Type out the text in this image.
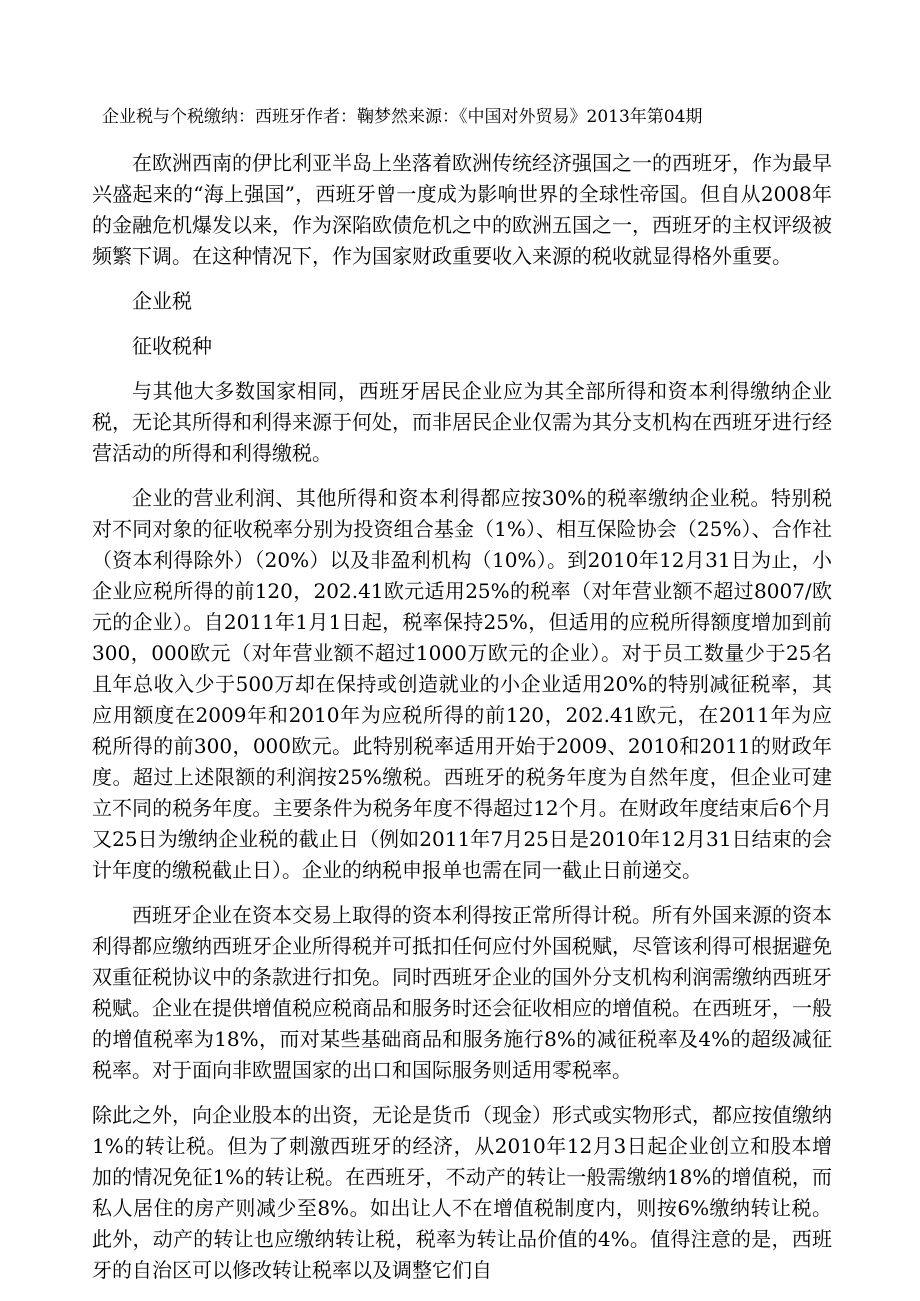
企业税与个税缴纳：西班牙作者：鞠梦然来源：《中国对外贸易》2013年第04期

在欧洲西南的伊比利亚半岛上坐落着欧洲传统经济强国之一的西班牙，作为最早兴盛起来的“海上强国”，西班牙曾一度成为影响世界的全球性帝国。但自从2008年的金融危机爆发以来，作为深陷欧债危机之中的欧洲五国之一，西班牙的主权评级被频繁下调。在这种情况下，作为国家财政重要收入来源的税收就显得格外重要。

企业税

征收税种

与其他大多数国家相同，西班牙居民企业应为其全部所得和资本利得缴纳企业税，无论其所得和利得来源于何处，而非居民企业仅需为其分支机构在西班牙进行经营活动的所得和利得缴税。

企业的营业利润、其他所得和资本利得都应按30%的税率缴纳企业税。特别税对不同对象的征收税率分别为投资组合基金（1%）、相互保险协会（25%）、合作社（资本利得除外）（20%）以及非盈利机构（10%）。到2010年12月31日为止，小企业应税所得的前120，202.41欧元适用25%的税率（对年营业额不超过8007/欧元的企业）。自2011年1月1日起，税率保持25%，但适用的应税所得额度增加到前300，000欧元（对年营业额不超过1000万欧元的企业）。对于员工数量少于25名且年总收入少于500万却在保持或创造就业的小企业适用20%的特别减征税率，其应用额度在2009年和2010年为应税所得的前120，202.41欧元，在2011年为应税所得的前300，000欧元。此特别税率适用开始于2009、2010和2011的财政年度。超过上述限额的利润按25%缴税。西班牙的税务年度为自然年度，但企业可建立不同的税务年度。主要条件为税务年度不得超过12个月。在财政年度结束后6个月又25日为缴纳企业税的截止日（例如2011年7月25日是2010年12月31日结束的会计年度的缴税截止日）。企业的纳税申报单也需在同一截止日前递交。

西班牙企业在资本交易上取得的资本利得按正常所得计税。所有外国来源的资本利得都应缴纳西班牙企业所得税并可抵扣任何应付外国税赋，尽管该利得可根据避免双重征税协议中的条款进行扣免。同时西班牙企业的国外分支机构利润需缴纳西班牙税赋。企业在提供增值税应税商品和服务时还会征收相应的增值税。在西班牙，一般的增值税率为18%，而对某些基础商品和服务施行8%的减征税率及4%的超级减征税率。对于面向非欧盟国家的出口和国际服务则适用零税率。

除此之外，向企业股本的出资，无论是货币（现金）形式或实物形式，都应按值缴纳1%的转让税。但为了刺激西班牙的经济，从2010年12月3日起企业创立和股本增加的情况免征1%的转让税。在西班牙，不动产的转让一般需缴纳18%的增值税，而私人居住的房产则减少至8%。如出让人不在增值税制度内，则按6%缴纳转让税。此外，动产的转让也应缴纳转让税，税率为转让品价值的4%。值得注意的是，西班牙的自治区可以修改转让税率以及调整它们自
